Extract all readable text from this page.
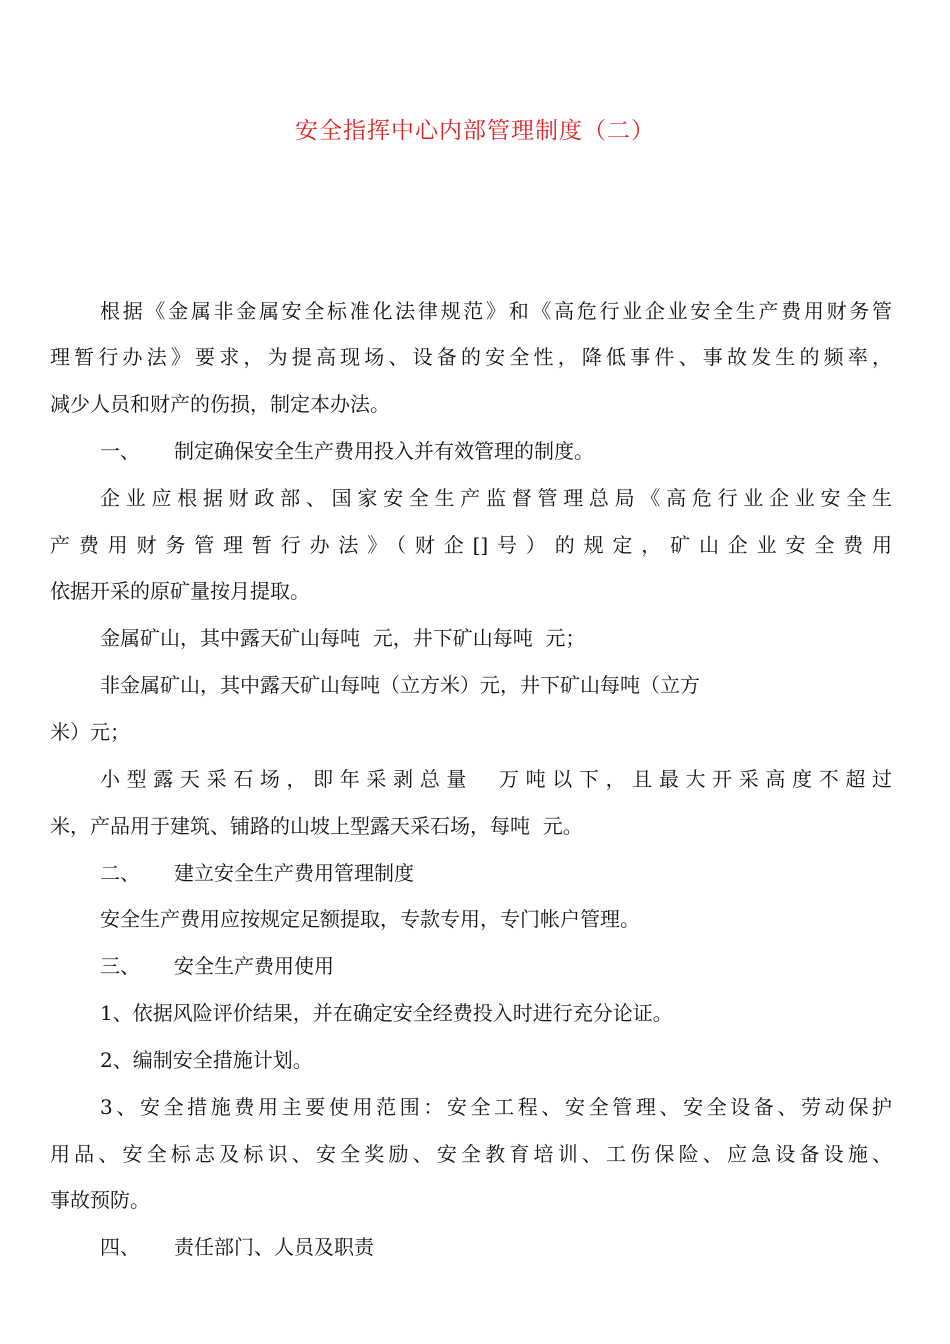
安全指挥中心内部管理制度（二）
根据《金属非金属安全标准化法律规范》和《高危行业企业安全生产费用财务管
理暂行办法》要求，为提高现场、设备的安全性，降低事件、事故发生的频率，
减少人员和财产的伤损，制定本办法。
一、 制定确保安全生产费用投入并有效管理的制度。
企业应根据财政部、国家安全生产监督管理总局《高危行业企业安全生
产费用财务管理暂行办法》（财企[]号）的规定，矿山企业安全费用
依据开采的原矿量按月提取。
金属矿山，其中露天矿山每吨  元，井下矿山每吨  元；
非金属矿山，其中露天矿山每吨（立方米）元，井下矿山每吨（立方
米）元；
小型露天采石场，即年采剥总量  万吨以下，且最大开采高度不超过
米，产品用于建筑、铺路的山坡上型露天采石场，每吨  元。
二、 建立安全生产费用管理制度
安全生产费用应按规定足额提取，专款专用，专门帐户管理。
三、 安全生产费用使用
1、依据风险评价结果，并在确定安全经费投入时进行充分论证。
2、编制安全措施计划。
3、安全措施费用主要使用范围：安全工程、安全管理、安全设备、劳动保护
用品、安全标志及标识、安全奖励、安全教育培训、工伤保险、应急设备设施、
事故预防。
四、 责任部门、人员及职责
